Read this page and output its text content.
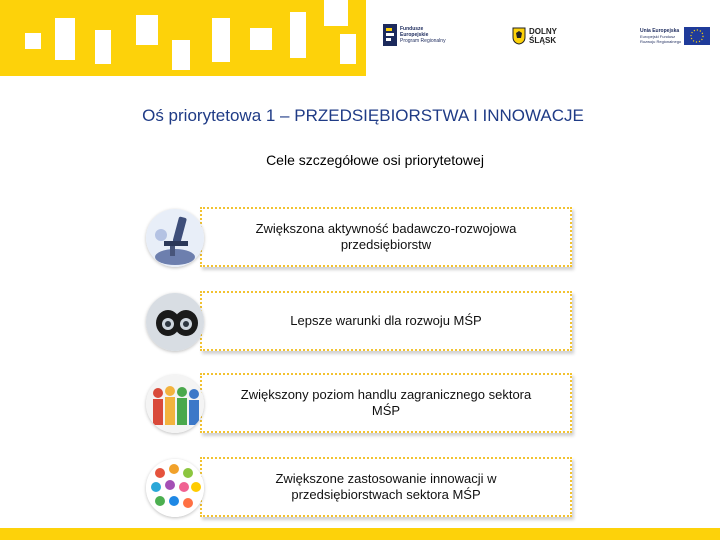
Fundusze
Europejskie
Program Regionalny
DOLNY
ŚLĄSK
Unia Europejska
Europejski Fundusz
Rozwoju Regionalnego
Oś priorytetowa 1 – PRZEDSIĘBIORSTWA I INNOWACJE
Cele szczegółowe osi priorytetowej
Zwiększona aktywność badawczo-rozwojowa przedsiębiorstw
Lepsze warunki dla rozwoju MŚP
Zwiększony poziom handlu zagranicznego sektora MŚP
Zwiększone zastosowanie innowacji w przedsiębiorstwach sektora MŚP
